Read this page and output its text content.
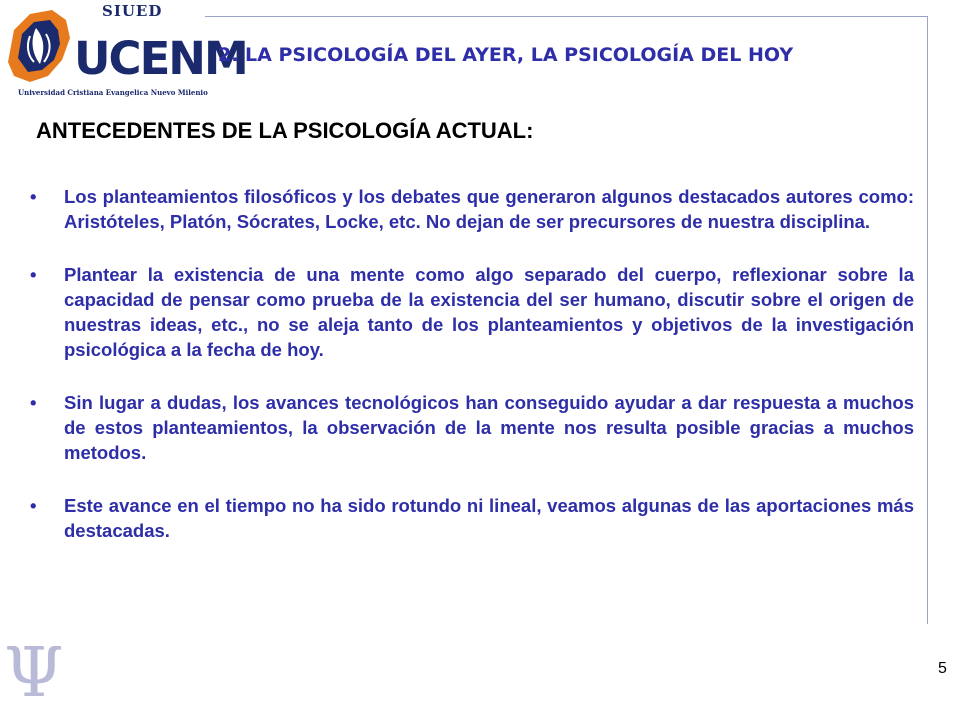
SIUED
UCENM
Universidad Cristiana Evangelica Nuevo Milenio
2. LA PSICOLOGÍA DEL AYER, LA PSICOLOGÍA DEL HOY
ANTECEDENTES DE LA PSICOLOGÍA ACTUAL:
• Los planteamientos filosóficos y los debates que generaron algunos destacados autores como: Aristóteles, Platón, Sócrates, Locke, etc. No dejan de ser precursores de nuestra disciplina.
• Plantear la existencia de una mente como algo separado del cuerpo, reflexionar sobre la capacidad de pensar como prueba de la existencia del ser humano, discutir sobre el origen de nuestras ideas, etc., no se aleja tanto de los planteamientos y objetivos de la investigación psicológica a la fecha de hoy.
• Sin lugar a dudas, los avances tecnológicos han conseguido ayudar a dar respuesta a muchos de estos planteamientos, la observación de la mente nos resulta posible gracias a muchos metodos.
• Este avance en el tiempo no ha sido rotundo ni lineal, veamos algunas de las aportaciones más destacadas.
Ψ	5
